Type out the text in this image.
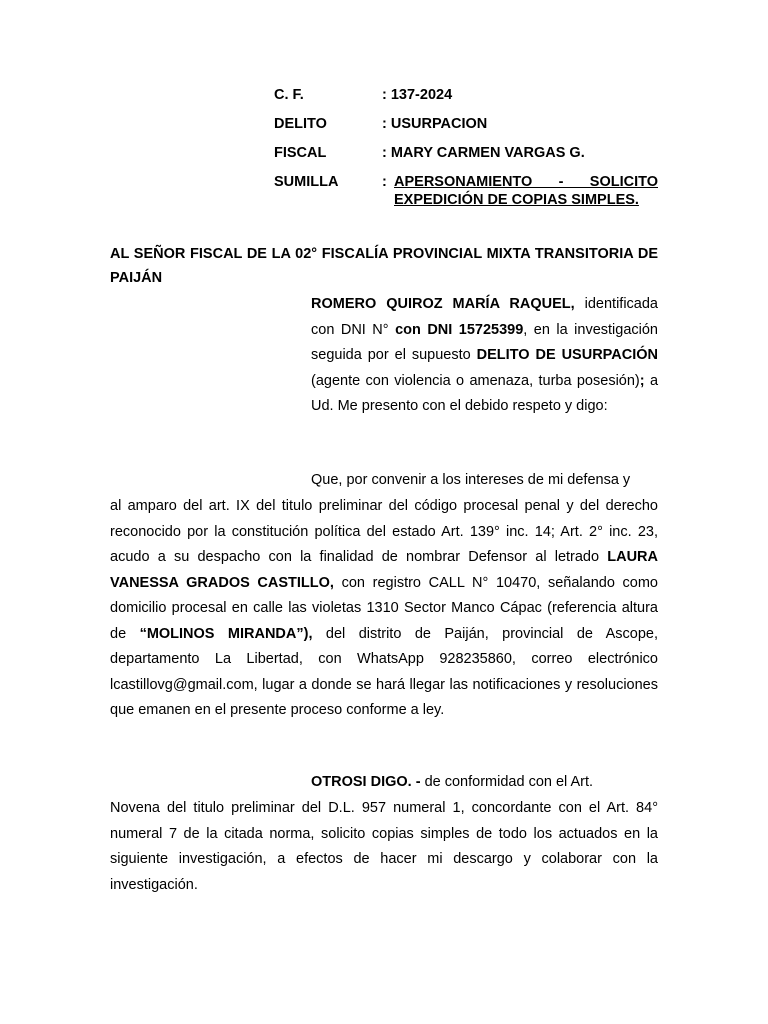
C. F.	: 137-2024
DELITO	: USURPACION
FISCAL	: MARY CARMEN VARGAS G.
SUMILLA	: APERSONAMIENTO - SOLICITO
EXPEDICIÓN DE COPIAS SIMPLES.
AL SEÑOR FISCAL DE LA 02° FISCALÍA PROVINCIAL MIXTA TRANSITORIA DE PAIJÁN
ROMERO QUIROZ MARÍA RAQUEL, identificada con DNI N° con DNI 15725399, en la investigación seguida por el supuesto DELITO DE USURPACIÓN (agente con violencia o amenaza, turba posesión); a Ud. Me presento con el debido respeto y digo:
Que, por convenir a los intereses de mi defensa y
al amparo del art. IX del titulo preliminar del código procesal penal y del derecho reconocido por la constitución política del estado Art. 139° inc. 14; Art. 2° inc. 23, acudo a su despacho con la finalidad de nombrar Defensor al letrado LAURA VANESSA GRADOS CASTILLO, con registro CALL N° 10470, señalando como domicilio procesal en calle las violetas 1310 Sector Manco Cápac (referencia altura de “MOLINOS MIRANDA”), del distrito de Paiján, provincial de Ascope, departamento La Libertad, con WhatsApp 928235860, correo electrónico lcastillovg@gmail.com, lugar a donde se hará llegar las notificaciones y resoluciones que emanen en el presente proceso conforme a ley.
OTROSI DIGO. - de conformidad con el Art.
Novena del titulo preliminar del D.L. 957 numeral 1, concordante con el Art. 84° numeral 7 de la citada norma, solicito copias simples de todo los actuados en la siguiente investigación, a efectos de hacer mi descargo y colaborar con la investigación.
